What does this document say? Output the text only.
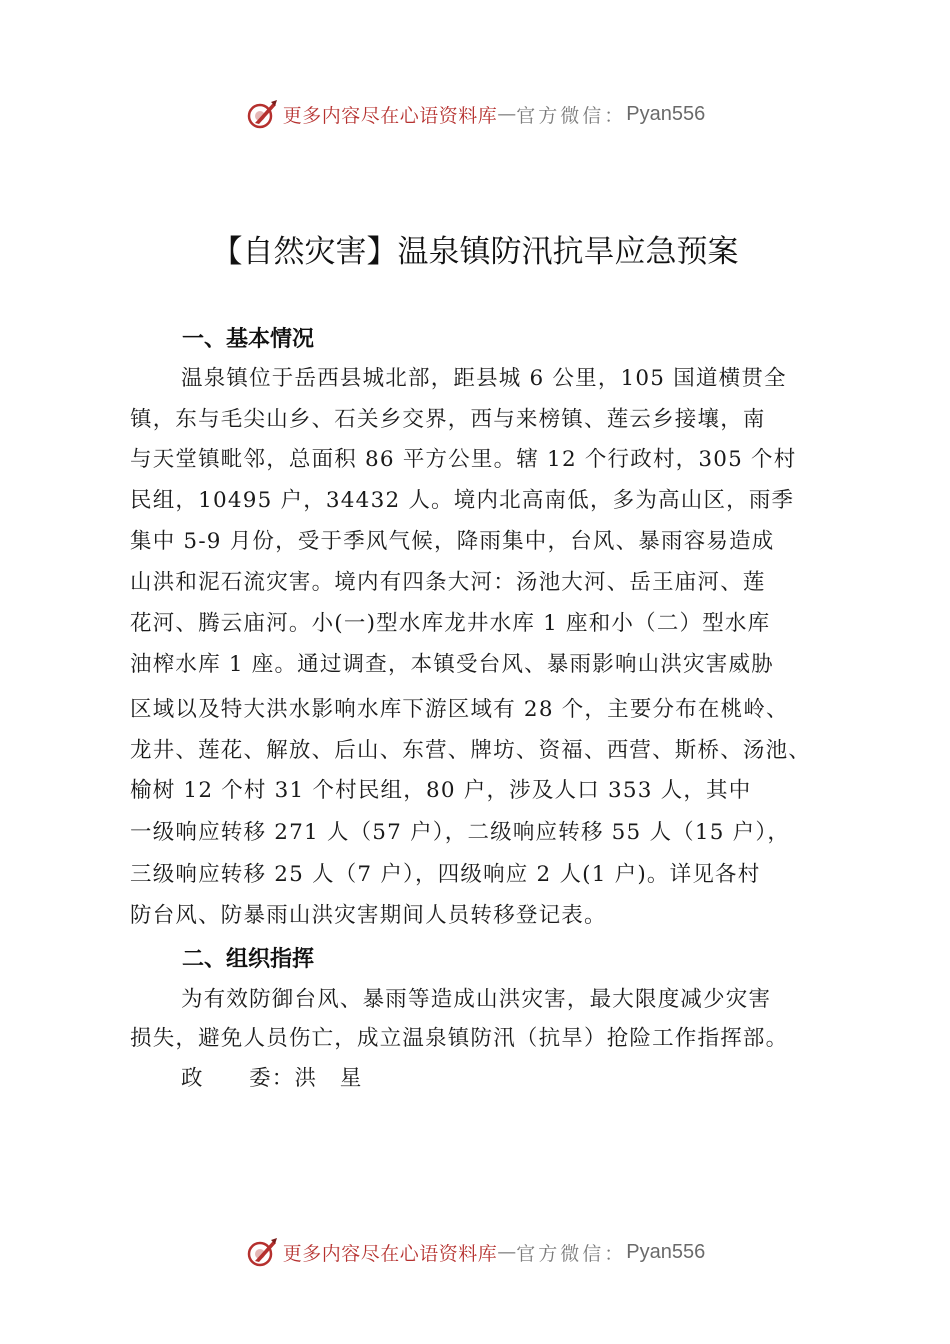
更多内容尽在心语资料库 — 官方微信： Pyan556
【自然灾害】温泉镇防汛抗旱应急预案
一、基本情况
温泉镇位于岳西县城北部，距县城 6 公里，105 国道横贯全
镇，东与毛尖山乡、石关乡交界，西与来榜镇、莲云乡接壤，南
与天堂镇毗邻，总面积 86 平方公里。辖 12 个行政村，305 个村
民组，10495 户，34432 人。境内北高南低，多为高山区，雨季
集中 5-9 月份，受于季风气候，降雨集中，台风、暴雨容易造成
山洪和泥石流灾害。境内有四条大河：汤池大河、岳王庙河、莲
花河、腾云庙河。小(一)型水库龙井水库 1 座和小（二）型水库
油榨水库 1 座。通过调查，本镇受台风、暴雨影响山洪灾害威胁
区域以及特大洪水影响水库下游区域有 28 个，主要分布在桃岭、
龙井、莲花、解放、后山、东营、牌坊、资福、西营、斯桥、汤池、
榆树 12 个村 31 个村民组，80 户，涉及人口 353 人，其中
一级响应转移 271 人（57 户），二级响应转移 55 人（15 户），
三级响应转移 25 人（7 户），四级响应 2 人(1 户)。详见各村
防台风、防暴雨山洪灾害期间人员转移登记表。
二、组织指挥
为有效防御台风、暴雨等造成山洪灾害，最大限度减少灾害
损失，避免人员伤亡，成立温泉镇防汛（抗旱）抢险工作指挥部。
政　　委：洪　星
更多内容尽在心语资料库 — 官方微信： Pyan556
